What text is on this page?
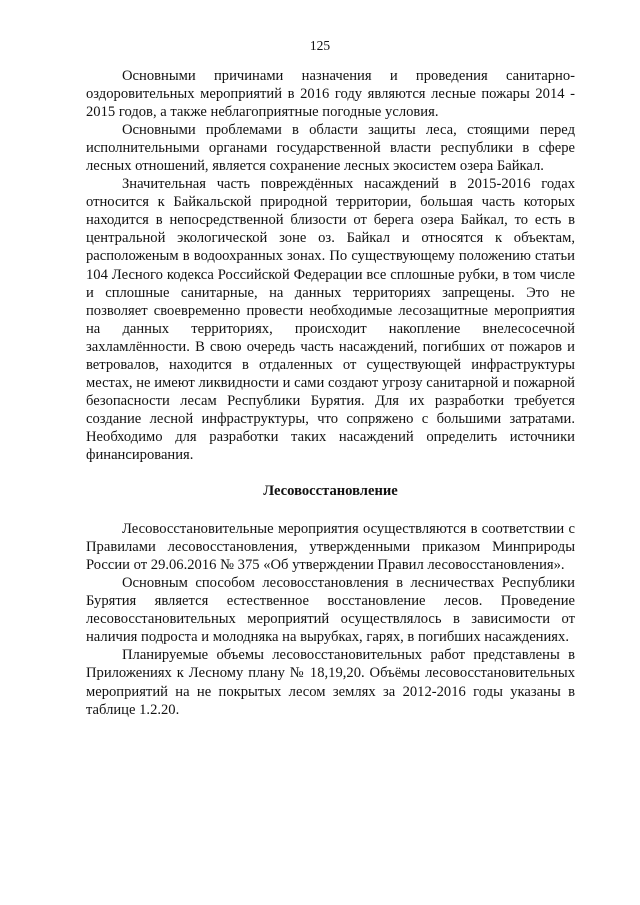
125

Основными причинами назначения и проведения санитарно-оздоровительных мероприятий в 2016 году являются лесные пожары 2014 - 2015 годов, а также неблагоприятные погодные условия.

Основными проблемами в области защиты леса, стоящими перед исполнительными органами государственной власти республики в сфере лесных отношений, является сохранение лесных экосистем озера Байкал.

Значительная часть повреждённых насаждений в 2015-2016 годах относится к Байкальской природной территории, большая часть которых находится в непосредственной близости от берега озера Байкал, то есть в центральной экологической зоне оз. Байкал и относятся к объектам, расположеным в водоохранных зонах. По существующему положению статьи 104 Лесного кодекса Российской Федерации все сплошные рубки, в том числе и сплошные санитарные, на данных территориях запрещены. Это не позволяет своевременно провести необходимые лесозащитные мероприятия на данных территориях, происходит накопление внелесосечной захламлённости. В свою очередь часть насаждений, погибших от пожаров и ветровалов, находится в отдаленных от существующей инфраструктуры местах, не имеют ликвидности и сами создают угрозу санитарной и пожарной безопасности лесам Республики Бурятия. Для их разработки требуется создание лесной инфраструктуры, что сопряжено с большими затратами. Необходимо для разработки таких насаждений определить источники финансирования.

Лесовосстановление

Лесовосстановительные мероприятия осуществляются в соответствии с Правилами лесовосстановления, утвержденными приказом Минприроды России от 29.06.2016 № 375 «Об утверждении Правил лесовосстановления».

Основным способом лесовосстановления в лесничествах Республики Бурятия является естественное восстановление лесов. Проведение лесовосстановительных мероприятий осуществлялось в зависимости от наличия подроста и молодняка на вырубках, гарях, в погибших насаждениях.

Планируемые объемы лесовосстановительных работ представлены в Приложениях к Лесному плану № 18,19,20. Объёмы лесовосстановительных мероприятий на не покрытых лесом землях за 2012-2016 годы указаны в таблице 1.2.20.
